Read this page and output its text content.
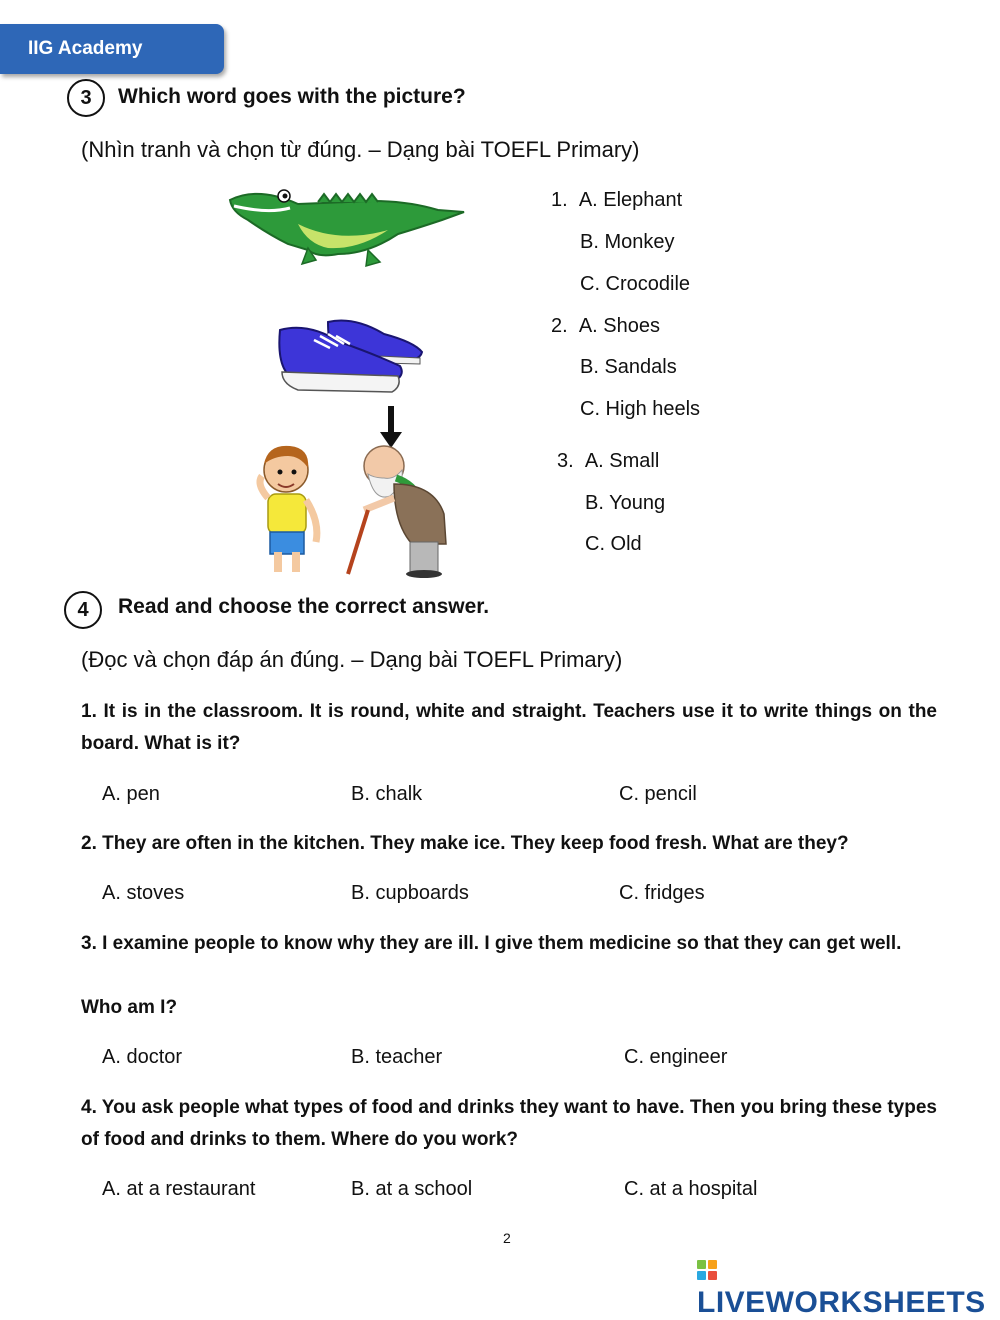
IIG Academy
3	Which word goes with the picture?
(Nhìn tranh và chọn từ đúng. – Dạng bài TOEFL Primary)
1. A. Elephant
B. Monkey
C. Crocodile
2. A. Shoes
B. Sandals
C. High heels
3. A. Small
B. Young
C. Old
4	Read and choose the correct answer.
(Đọc và chọn đáp án đúng. – Dạng bài TOEFL Primary)
1. It is in the classroom. It is round, white and straight. Teachers use it to write things on the board. What is it?
A. pen	B. chalk	C. pencil
2. They are often in the kitchen. They make ice. They keep food fresh. What are they?
A. stoves	B. cupboards	C. fridges
3. I examine people to know why they are ill. I give them medicine so that they can get well.
Who am I?
A. doctor	B. teacher	C. engineer
4. You ask people what types of food and drinks they want to have. Then you bring these types of food and drinks to them. Where do you work?
A. at a restaurant	B. at a school	C. at a hospital
2
LIVEWORKSHEETS
